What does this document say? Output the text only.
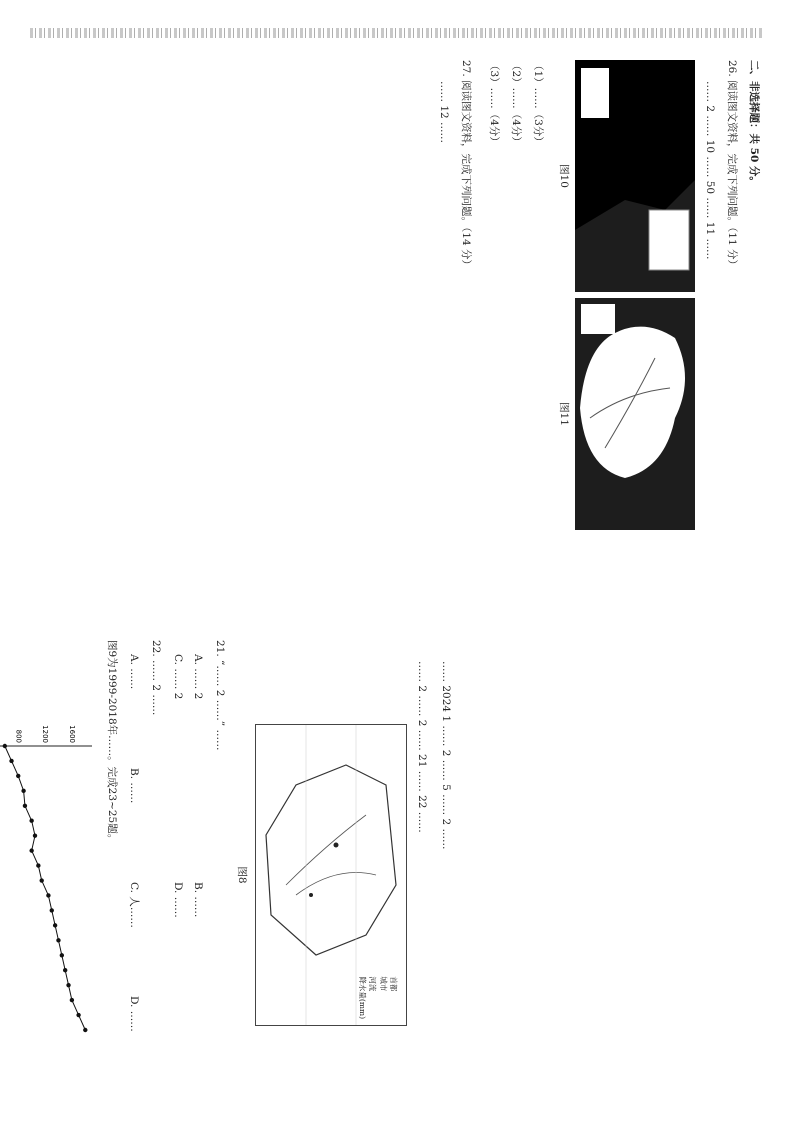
…… 2024 1 …… 2 …… 5 …… 2 ……

…… 2 …… 2 …… 21 …… 22 ……

首都
城市
河流
降水量(mm)
图8
21. “…… 2 ……” ……
A. …… 2
B. ……
C. …… 2
D. ……
22. …… 2 ……
A. ……
B. ……
C. 人……
D. ……
图9为1999-2018年……。完成23~25题。
800	1200	1600
二、非选择题：共 50 分。
26. 阅读图文资料，完成下列问题。（11 分）

…… 2 …… 10 …… 50 …… 11 ……

图10
图11
（1）……（3分）
（2）……（4分）
（3）……（4分）
27. 阅读图文资料，完成下列问题。（14 分）

…… 12 ……
